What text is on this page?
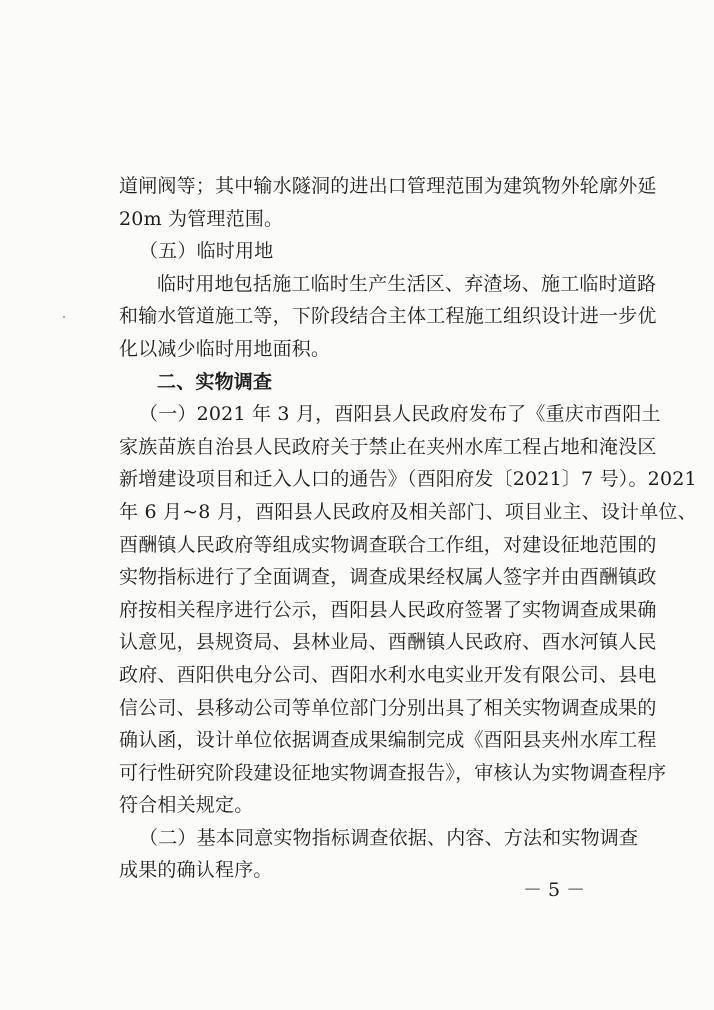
道闸阀等；其中输水隧洞的进出口管理范围为建筑物外轮廓外延
20m 为管理范围。
（五）临时用地
临时用地包括施工临时生产生活区、弃渣场、施工临时道路
和输水管道施工等，下阶段结合主体工程施工组织设计进一步优
化以减少临时用地面积。
二、实物调查
（一）2021 年 3 月，酉阳县人民政府发布了《重庆市酉阳土
家族苗族自治县人民政府关于禁止在夹州水库工程占地和淹没区
新增建设项目和迁入人口的通告》（酉阳府发〔2021〕7 号）。2021
年 6 月~8 月，酉阳县人民政府及相关部门、项目业主、设计单位、
酉酬镇人民政府等组成实物调查联合工作组，对建设征地范围的
实物指标进行了全面调查，调查成果经权属人签字并由酉酬镇政
府按相关程序进行公示，酉阳县人民政府签署了实物调查成果确
认意见，县规资局、县林业局、酉酬镇人民政府、酉水河镇人民
政府、酉阳供电分公司、酉阳水利水电实业开发有限公司、县电
信公司、县移动公司等单位部门分别出具了相关实物调查成果的
确认函，设计单位依据调查成果编制完成《酉阳县夹州水库工程
可行性研究阶段建设征地实物调查报告》，审核认为实物调查程序
符合相关规定。
（二）基本同意实物指标调查依据、内容、方法和实物调查
成果的确认程序。
－ 5 －
